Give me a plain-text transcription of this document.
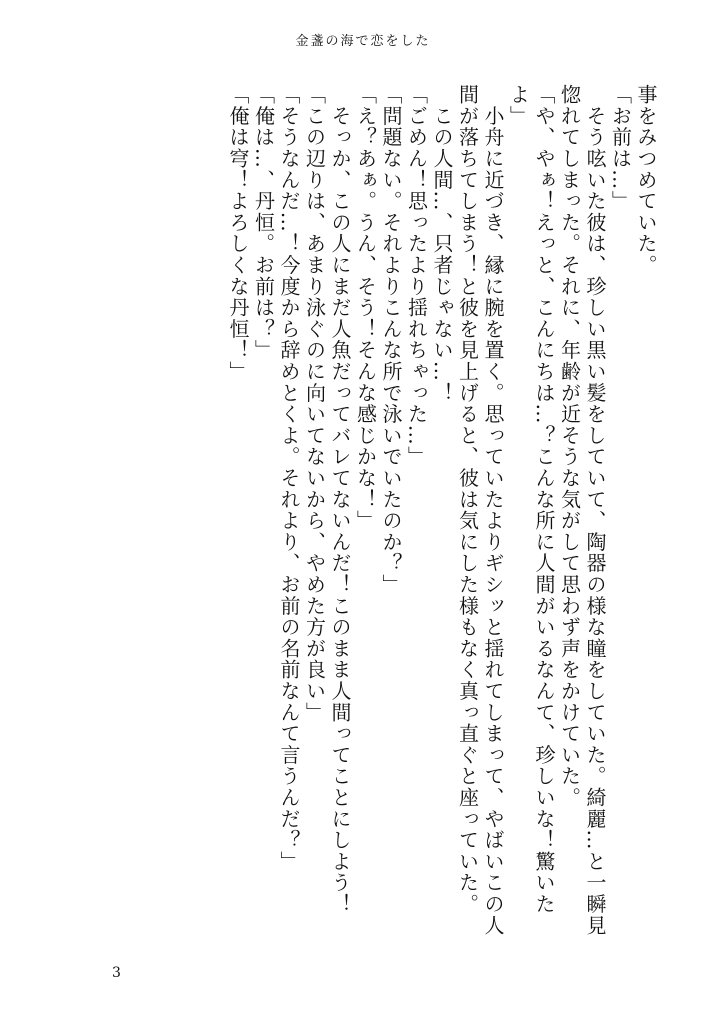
金盞の海で恋をした

事をみつめていた。

「お前は…」

　そう呟いた彼は、珍しい黒い髪をしていて、陶器の様な瞳をしていた。綺麗…と一瞬見惚れてしまった。それに、年齢が近そうな気がして思わず声をかけていた。

「や、やぁ！えっと、こんにちは…？こんな所に人間がいるなんて、珍しいな！驚いたよ」

　小舟に近づき、縁に腕を置く。思っていたよりギシッと揺れてしまって、やばいこの人間が落ちてしまう！と彼を見上げると、彼は気にした様もなく真っ直ぐと座っていた。

　この人間…、只者じゃない…！

「ごめん！思ったより揺れちゃった…」

「問題ない。それよりこんな所で泳いでいたのか？」

「え？あぁ。うん、そう！そんな感じかな！」

　そっか、この人にまだ人魚だってバレてないんだ！このまま人間ってことにしよう！

「この辺りは、あまり泳ぐのに向いてないから、やめた方が良い」

「そうなんだ…！今度から辞めとくよ。それより、お前の名前なんて言うんだ？」

「俺は…、丹恒。お前は？」

「俺は穹！よろしくな丹恒！」

3
